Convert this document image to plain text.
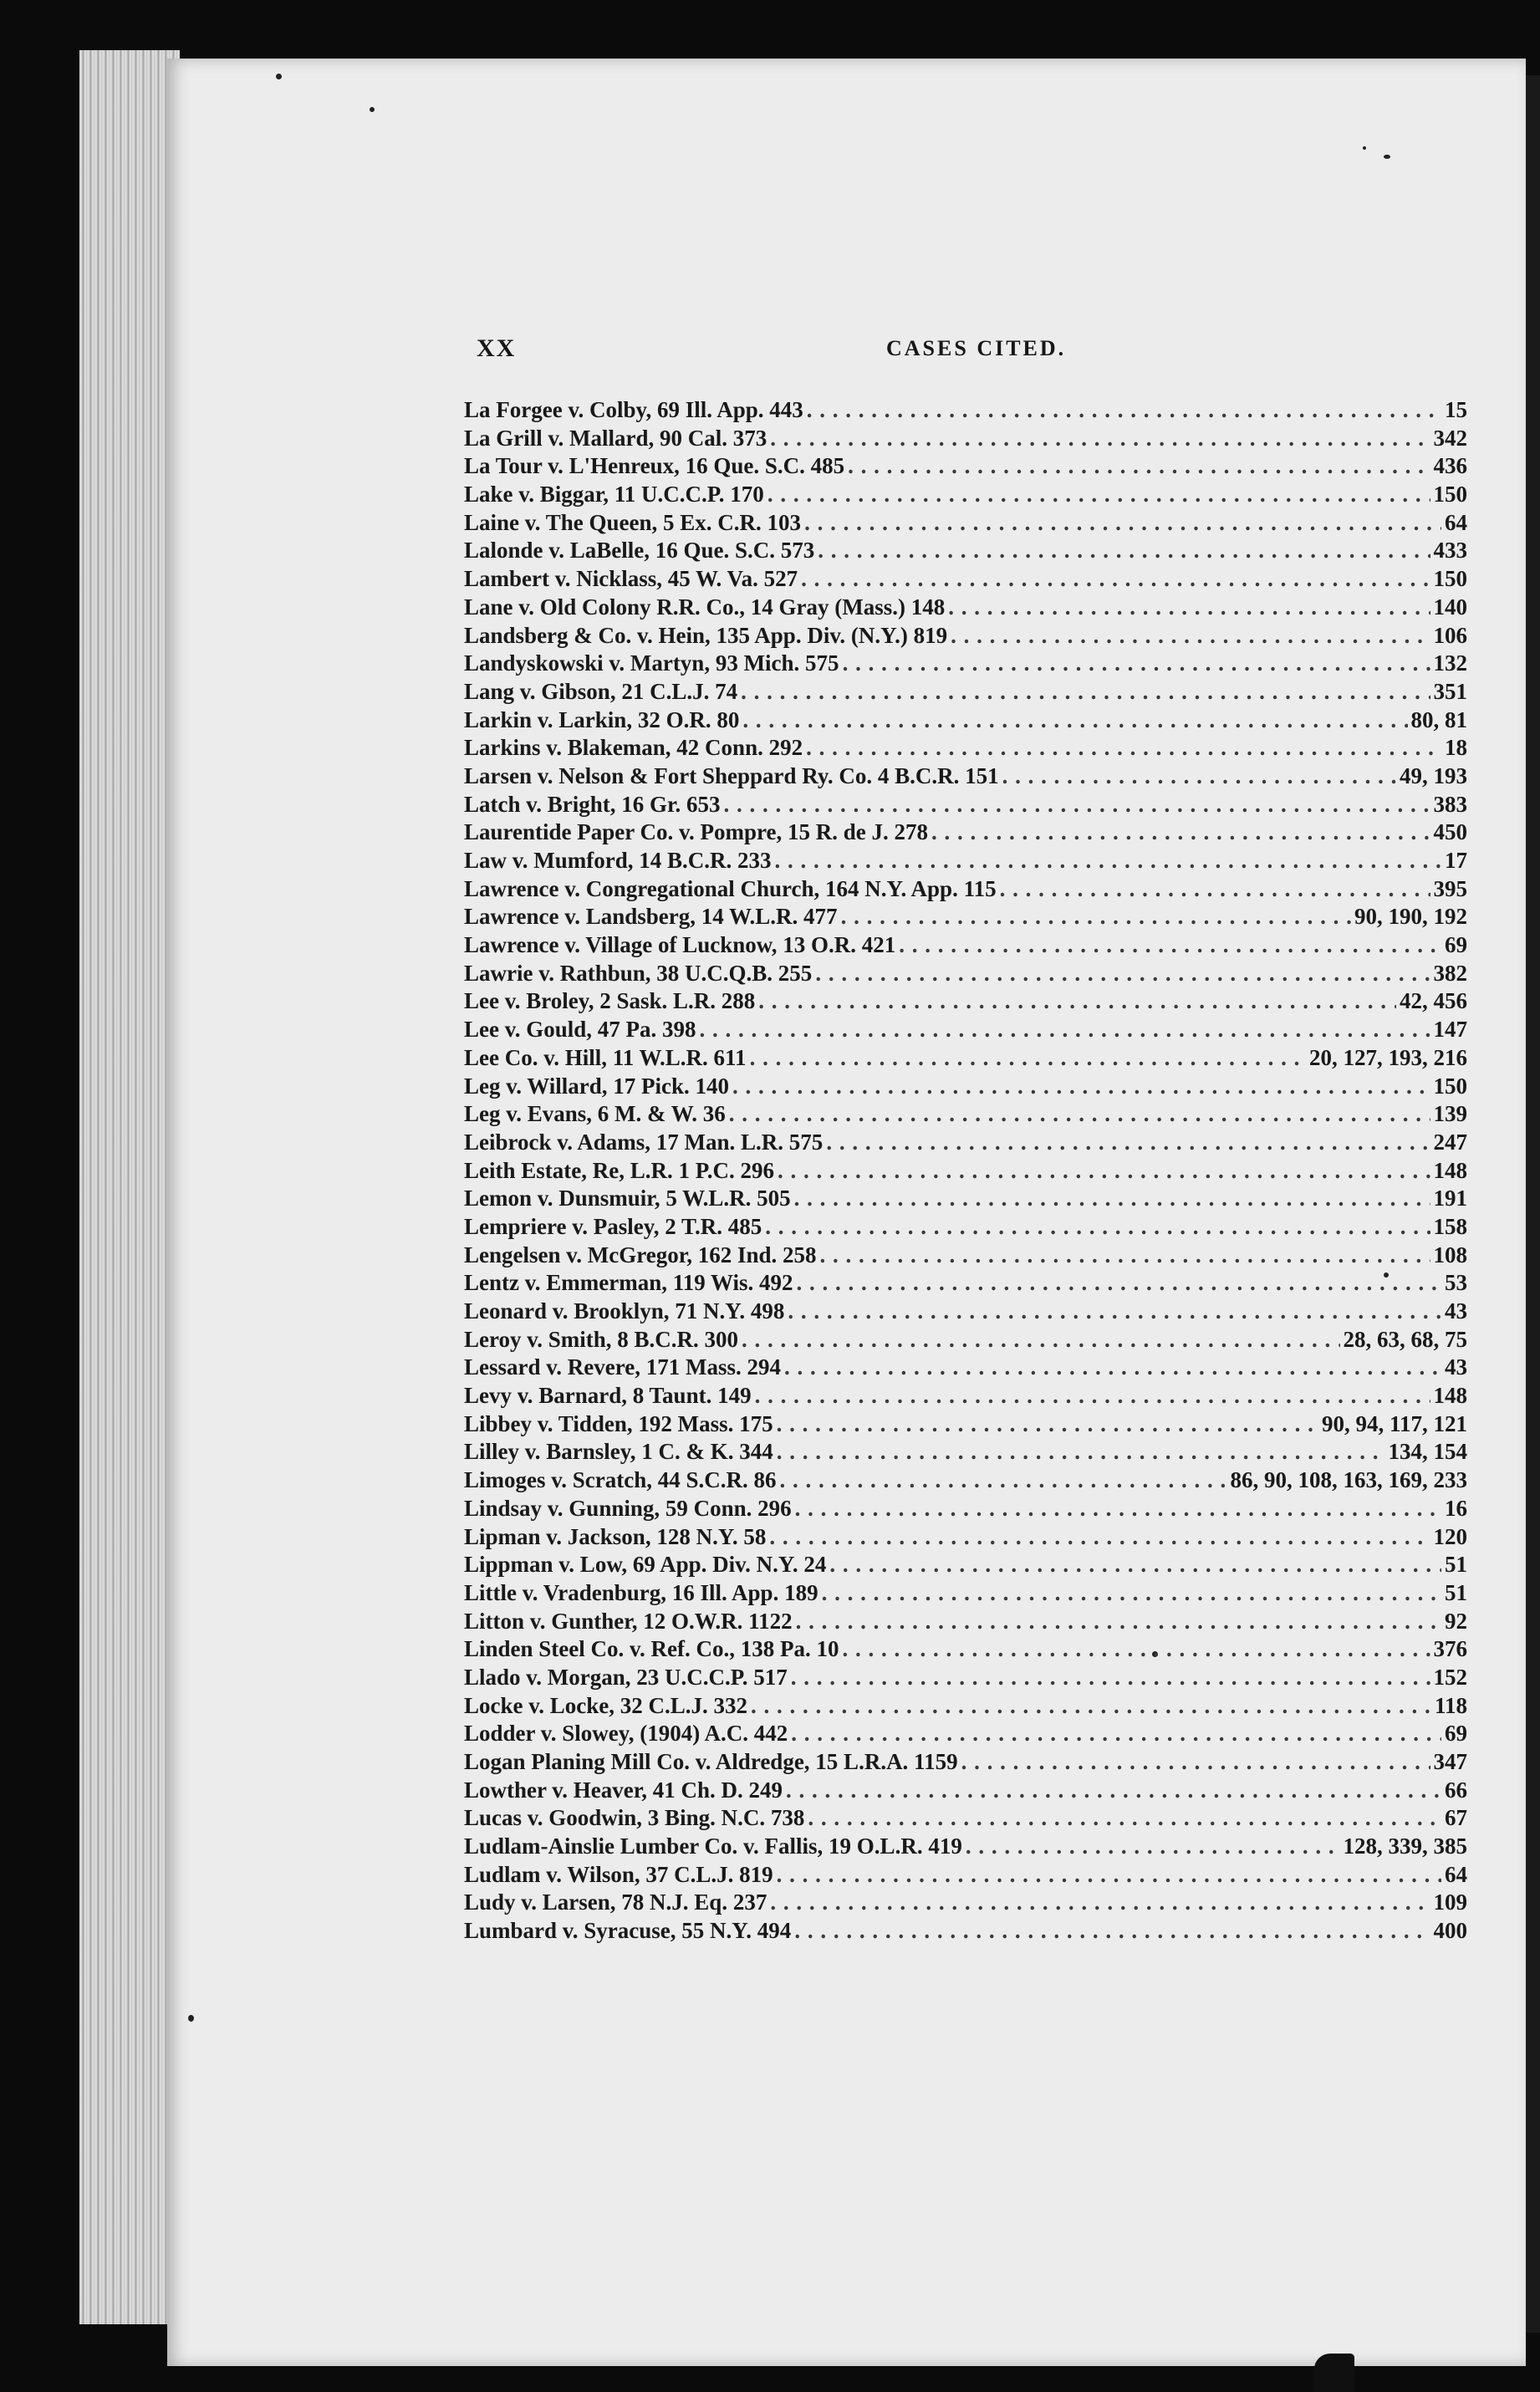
XX	CASES CITED.
La Forgee v. Colby, 69 Ill. App. 443 . . .	15
La Grill v. Mallard, 90 Cal. 373 . . .	342
La Tour v. L'Henreux, 16 Que. S.C. 485 . . .	436
Lake v. Biggar, 11 U.C.C.P. 170 . . .	150
Laine v. The Queen, 5 Ex. C.R. 103 . . .	64
Lalonde v. LaBelle, 16 Que. S.C. 573 . . .	433
Lambert v. Nicklass, 45 W. Va. 527 . . .	150
Lane v. Old Colony R.R. Co., 14 Gray (Mass.) 148 . . .	140
Landsberg & Co. v. Hein, 135 App. Div. (N.Y.) 819 . . .	106
Landyskowski v. Martyn, 93 Mich. 575 . . .	132
Lang v. Gibson, 21 C.L.J. 74 . . .	351
Larkin v. Larkin, 32 O.R. 80 . . .	80, 81
Larkins v. Blakeman, 42 Conn. 292 . . .	18
Larsen v. Nelson & Fort Sheppard Ry. Co. 4 B.C.R. 151 . . .	49, 193
Latch v. Bright, 16 Gr. 653 . . .	383
Laurentide Paper Co. v. Pompre, 15 R. de J. 278 . . .	450
Law v. Mumford, 14 B.C.R. 233 . . .	17
Lawrence v. Congregational Church, 164 N.Y. App. 115 . . .	395
Lawrence v. Landsberg, 14 W.L.R. 477 . . .	90, 190, 192
Lawrence v. Village of Lucknow, 13 O.R. 421 . . .	69
Lawrie v. Rathbun, 38 U.C.Q.B. 255 . . .	382
Lee v. Broley, 2 Sask. L.R. 288 . . .	42, 456
Lee v. Gould, 47 Pa. 398 . . .	147
Lee Co. v. Hill, 11 W.L.R. 611 . . .	20, 127, 193, 216
Leg v. Willard, 17 Pick. 140 . . .	150
Leg v. Evans, 6 M. & W. 36 . . .	139
Leibrock v. Adams, 17 Man. L.R. 575 . . .	247
Leith Estate, Re, L.R. 1 P.C. 296 . . .	148
Lemon v. Dunsmuir, 5 W.L.R. 505 . . .	191
Lempriere v. Pasley, 2 T.R. 485 . . .	158
Lengelsen v. McGregor, 162 Ind. 258 . . .	108
Lentz v. Emmerman, 119 Wis. 492 . . .	53
Leonard v. Brooklyn, 71 N.Y. 498 . . .	43
Leroy v. Smith, 8 B.C.R. 300 . . .	28, 63, 68, 75
Lessard v. Revere, 171 Mass. 294 . . .	43
Levy v. Barnard, 8 Taunt. 149 . . .	148
Libbey v. Tidden, 192 Mass. 175 . . .	90, 94, 117, 121
Lilley v. Barnsley, 1 C. & K. 344 . . .	134, 154
Limoges v. Scratch, 44 S.C.R. 86 . . .	86, 90, 108, 163, 169, 233
Lindsay v. Gunning, 59 Conn. 296 . . .	16
Lipman v. Jackson, 128 N.Y. 58 . . .	120
Lippman v. Low, 69 App. Div. N.Y. 24 . . .	51
Little v. Vradenburg, 16 Ill. App. 189 . . .	51
Litton v. Gunther, 12 O.W.R. 1122 . . .	92
Linden Steel Co. v. Ref. Co., 138 Pa. 10 . . .	376
Llado v. Morgan, 23 U.C.C.P. 517 . . .	152
Locke v. Locke, 32 C.L.J. 332 . . .	118
Lodder v. Slowey, (1904) A.C. 442 . . .	69
Logan Planing Mill Co. v. Aldredge, 15 L.R.A. 1159 . . .	347
Lowther v. Heaver, 41 Ch. D. 249 . . .	66
Lucas v. Goodwin, 3 Bing. N.C. 738 . . .	67
Ludlam-Ainslie Lumber Co. v. Fallis, 19 O.L.R. 419 . . .	128, 339, 385
Ludlam v. Wilson, 37 C.L.J. 819 . . .	64
Ludy v. Larsen, 78 N.J. Eq. 237 . . .	109
Lumbard v. Syracuse, 55 N.Y. 494 . . .	400
